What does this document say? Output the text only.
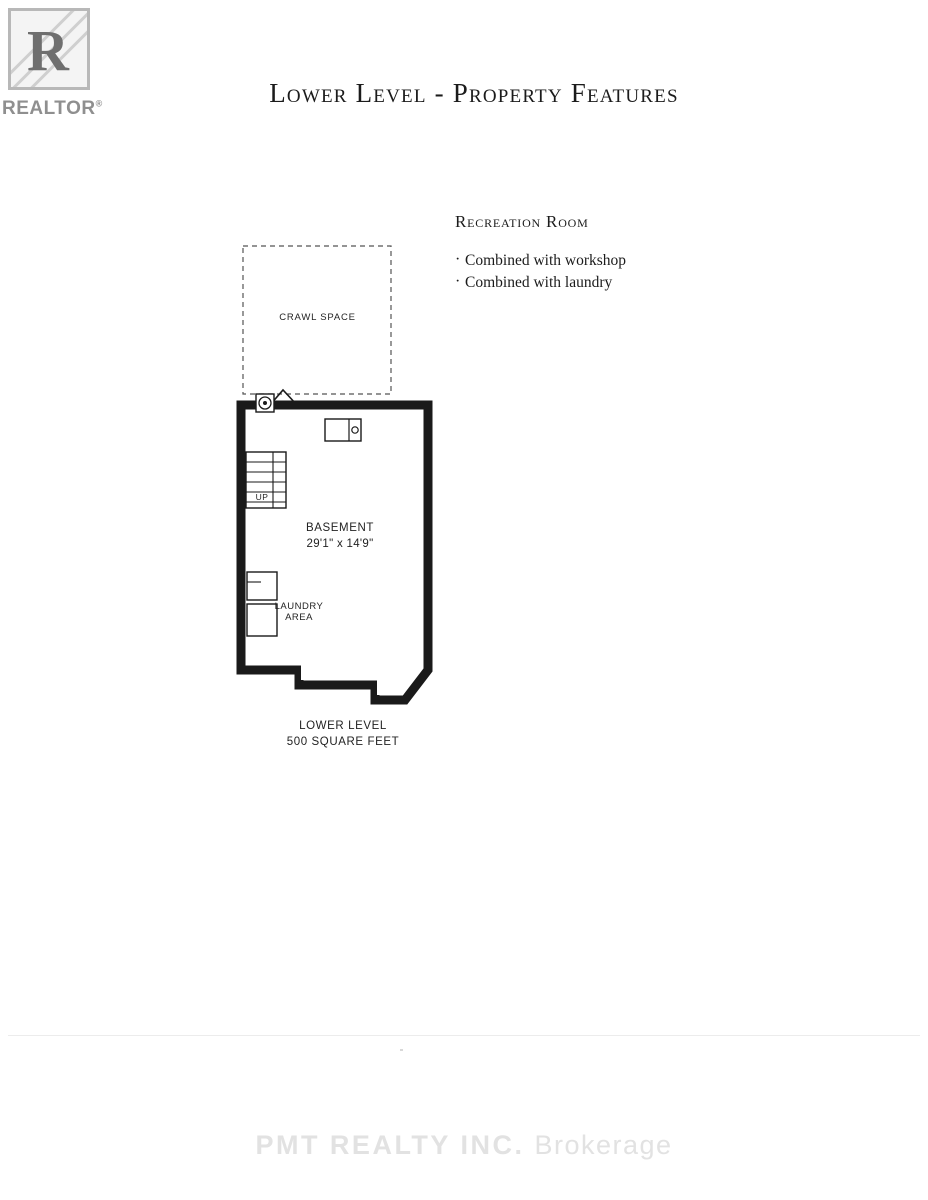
R
REALTOR®	Lower Level - Property Features
Recreation Room
· Combined with workshop
· Combined with laundry
CRAWL SPACE
UP
BASEMENT
29'1" x 14'9"
LAUNDRY
AREA
LOWER LEVEL
500 SQUARE FEET
PMT REALTY INC. Brokerage
